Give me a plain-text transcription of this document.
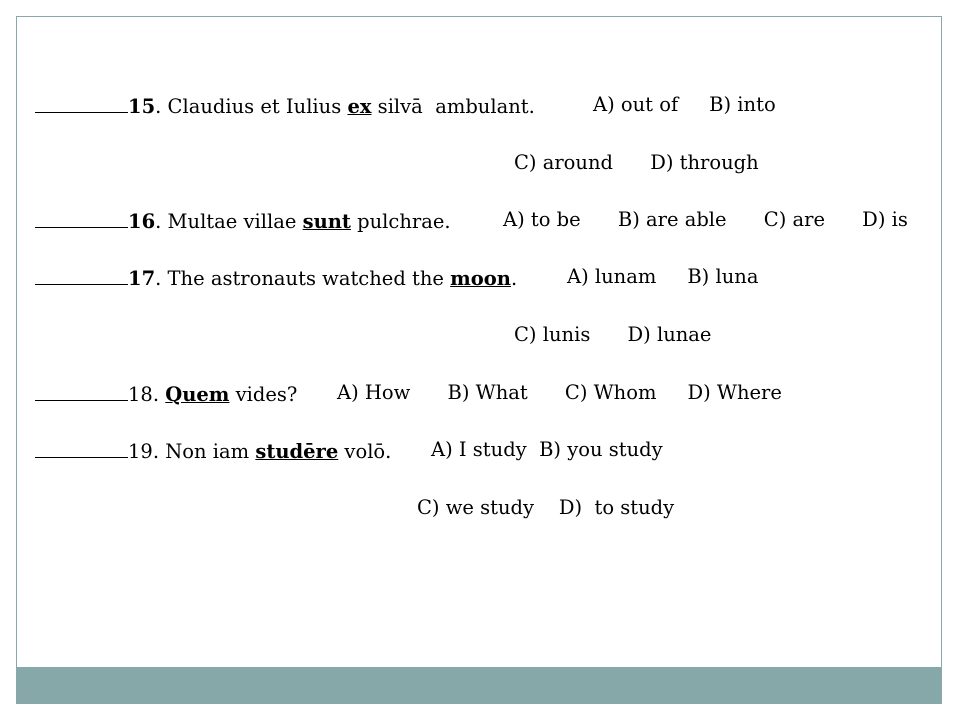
15. Claudius et Iulius ex silvā  ambulant.	A) out of     B) into
C) around      D) through
16. Multae villae sunt pulchrae.	A) to be      B) are able      C) are      D) is
17. The astronauts watched the moon.	A) lunam     B) luna
C) lunis      D) lunae
18. Quem vides? A) How      B) What      C) Whom     D) Where
19. Non iam studēre volō. A) I study  B) you study
C) we study    D)  to study
